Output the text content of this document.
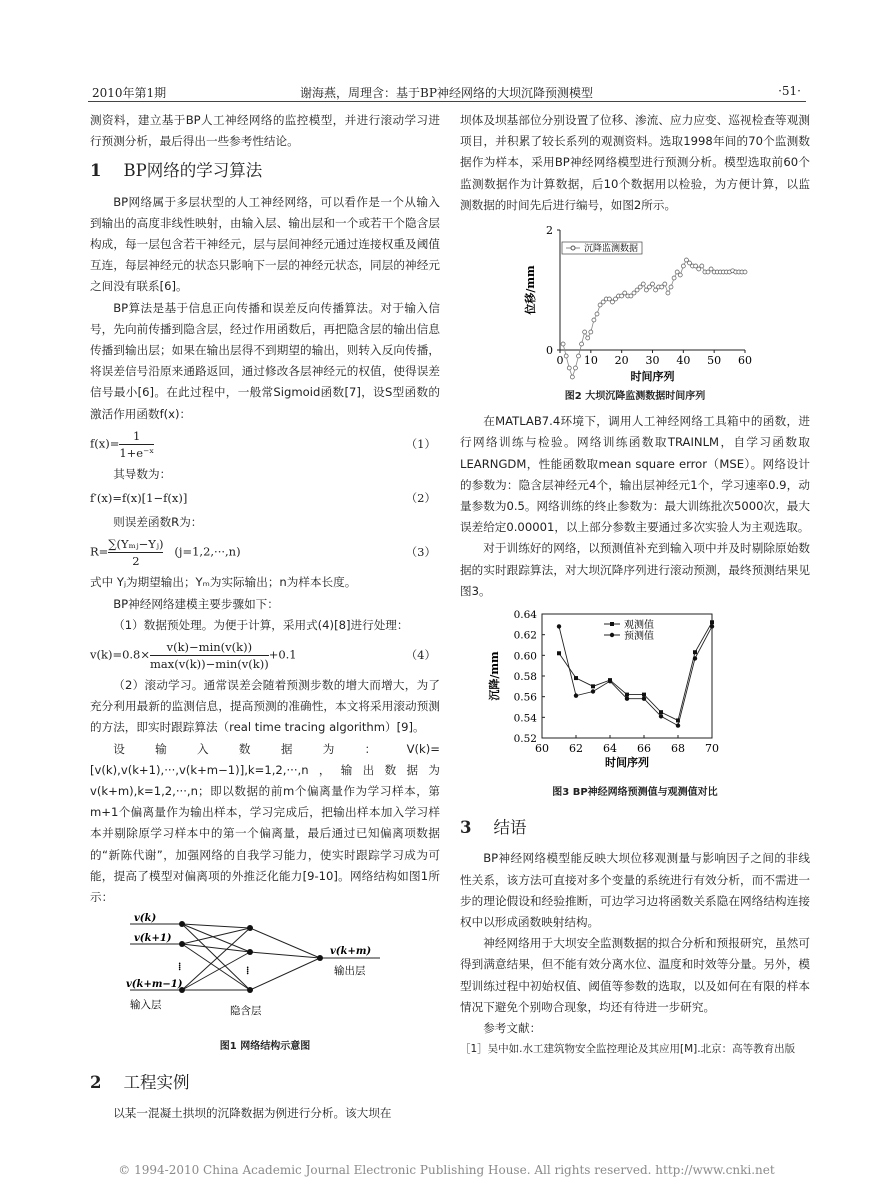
2010年第1期	谢海燕，周理含：基于BP神经网络的大坝沉降预测模型	·51·

测资料，建立基于BP人工神经网络的监控模型，并进行滚动学习进行预测分析，最后得出一些参考性结论。

1 BP网络的学习算法

BP网络属于多层状型的人工神经网络，可以看作是一个从输入到输出的高度非线性映射，由输入层、输出层和一个或若干个隐含层构成，每一层包含若干神经元，层与层间神经元通过连接权重及阈值互连，每层神经元的状态只影响下一层的神经元状态，同层的神经元之间没有联系[6]。

BP算法是基于信息正向传播和误差反向传播算法。对于输入信号，先向前传播到隐含层，经过作用函数后，再把隐含层的输出信息传播到输出层；如果在输出层得不到期望的输出，则转入反向传播，将误差信号沿原来通路返回，通过修改各层神经元的权值，使得误差信号最小[6]。在此过程中，一般常Sigmoid函数[7]，设S型函数的激活作用函数f(x)：

$f(x)= \frac{1}{\text{1+e⁻ˣ}}$	（1）

其导数为：

f′(x)=f(x)[1−f(x)]	（2）

则误差函数R为：

$R= \frac{\text{∑(Yₘⱼ−Yⱼ)}}{2} (j=1,2,\cdot\cdot\cdot,n)$	（3）

式中 Yⱼ为期望输出；Yₘ为实际输出；n为样本长度。

BP神经网络建模主要步骤如下：

（1）数据预处理。为便于计算，采用式(4)[8]进行处理：

$v(k)=0.8\times \frac{v(k)-\min(v(k))}{\max(v(k))-\min(v(k))} +0.1$	（4）

（2）滚动学习。通常误差会随着预测步数的增大而增大，为了充分利用最新的监测信息，提高预测的准确性，本文将采用滚动预测的方法，即实时跟踪算法（real time tracing algorithm）[9]。

设输入数据为：V(k)=[v(k),v(k+1),···,v(k+m−1)],k=1,2,···,n，输出数据为v(k+m),k=1,2,···,n；即以数据的前m个偏离量作为学习样本，第m+1个偏离量作为输出样本，学习完成后，把输出样本加入学习样本并剔除原学习样本中的第一个偏离量，最后通过已知偏离项数据的“新陈代谢”，加强网络的自我学习能力，使实时跟踪学习成为可能，提高了模型对偏离项的外推泛化能力[9-10]。网络结构如图1所示：

v(k)
v(k+1)
v(k+m−1)
v(k+m)
⁞	⁞
输入层	隐含层
输出层
图1 网络结构示意图
2 工程实例

以某一混凝土拱坝的沉降数据为例进行分析。该大坝在

坝体及坝基部位分别设置了位移、渗流、应力应变、巡视检查等观测项目，并积累了较长系列的观测资料。选取1998年间的70个监测数据作为样本，采用BP神经网络模型进行预测分析。模型选取前60个监测数据作为计算数据，后10个数据用以检验，为方便计算，以监测数据的时间先后进行编号，如图2所示。

0 10 20 30 40 50 60
0
2
时间序列
位移/mm
沉降监测数据
图2 大坝沉降监测数据时间序列

在MATLAB7.4环境下，调用人工神经网络工具箱中的函数，进行网络训练与检验。网络训练函数取TRAINLM，自学习函数取LEARNGDM，性能函数取mean square error（MSE）。网络设计的参数为：隐含层神经元4个，输出层神经元1个，学习速率0.9，动量参数为0.5。网络训练的终止参数为：最大训练批次5000次，最大误差给定0.00001，以上部分参数主要通过多次实验人为主观选取。

对于训练好的网络，以预测值补充到输入项中并及时剔除原始数据的实时跟踪算法，对大坝沉降序列进行滚动预测，最终预测结果见图3。

60 62 64 66 68 70
0.52
0.54
0.56
0.58
0.60
0.62
0.64
时间序列
沉降/mm
观测值
预测值
图3 BP神经网络预测值与观测值对比
3 结语

BP神经网络模型能反映大坝位移观测量与影响因子之间的非线性关系，该方法可直接对多个变量的系统进行有效分析，而不需进一步的理论假设和经验推断，可边学习边将函数关系隐在网络结构连接权中以形成函数映射结构。

神经网络用于大坝安全监测数据的拟合分析和预报研究，虽然可得到满意结果，但不能有效分离水位、温度和时效等分量。另外，模型训练过程中初始权值、阈值等参数的选取，以及如何在有限的样本情况下避免个别吻合现象，均还有待进一步研究。

参考文献：

［1］吴中如.水工建筑物安全监控理论及其应用[M].北京：高等教育出版

© 1994-2010 China Academic Journal Electronic Publishing House. All rights reserved. http://www.cnki.net
